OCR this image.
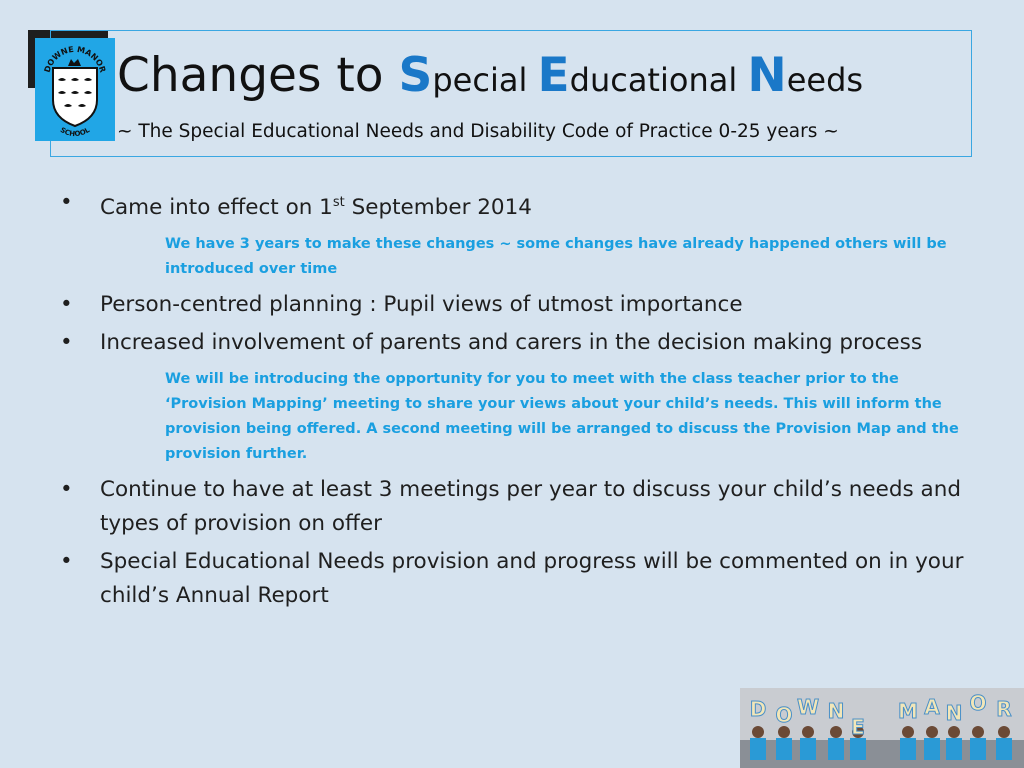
DOWNE MANOR
SCHOOL
Changes to Special Educational Needs

~ The Special Educational Needs and Disability Code of Practice 0-25 years ~

• Came into effect on 1st September 2014
We have 3 years to make these changes ~ some changes have already happened others will be introduced over time
• Person-centred planning : Pupil views of utmost importance
• Increased involvement of parents and carers in the decision making process
We will be introducing the opportunity for you to meet with the class teacher prior to the ‘Provision Mapping’ meeting to share your views about your child’s needs. This will inform the provision being offered. A second meeting will be arranged to discuss the Provision Map and the provision further.
• Continue to have at least 3 meetings per year to discuss your child’s needs and types of provision on offer
• Special Educational Needs provision and progress will be commented on in your child’s Annual Report
D O W N
E
M A N O R
